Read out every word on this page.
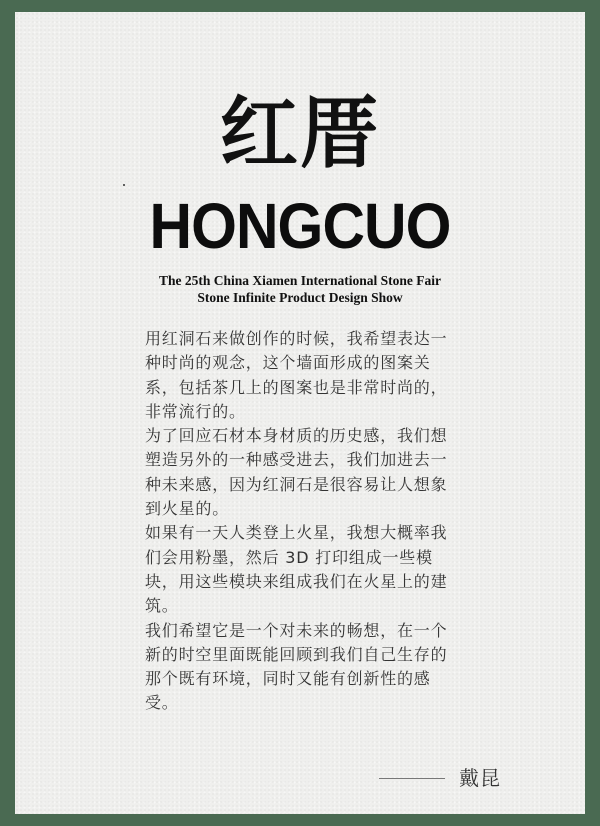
红厝
HONGCUO
The 25th China Xiamen International Stone Fair
Stone Infinite Product Design Show

用红洞石来做创作的时候，我希望表达一种时尚的观念，这个墙面形成的图案关系，包括茶几上的图案也是非常时尚的，非常流行的。

为了回应石材本身材质的历史感，我们想塑造另外的一种感受进去，我们加进去一种未来感，因为红洞石是很容易让人想象到火星的。

如果有一天人类登上火星，我想大概率我们会用粉墨，然后 3D 打印组成一些模块，用这些模块来组成我们在火星上的建筑。

我们希望它是一个对未来的畅想，在一个新的时空里面既能回顾到我们自己生存的那个既有环境，同时又能有创新性的感受。

戴昆
